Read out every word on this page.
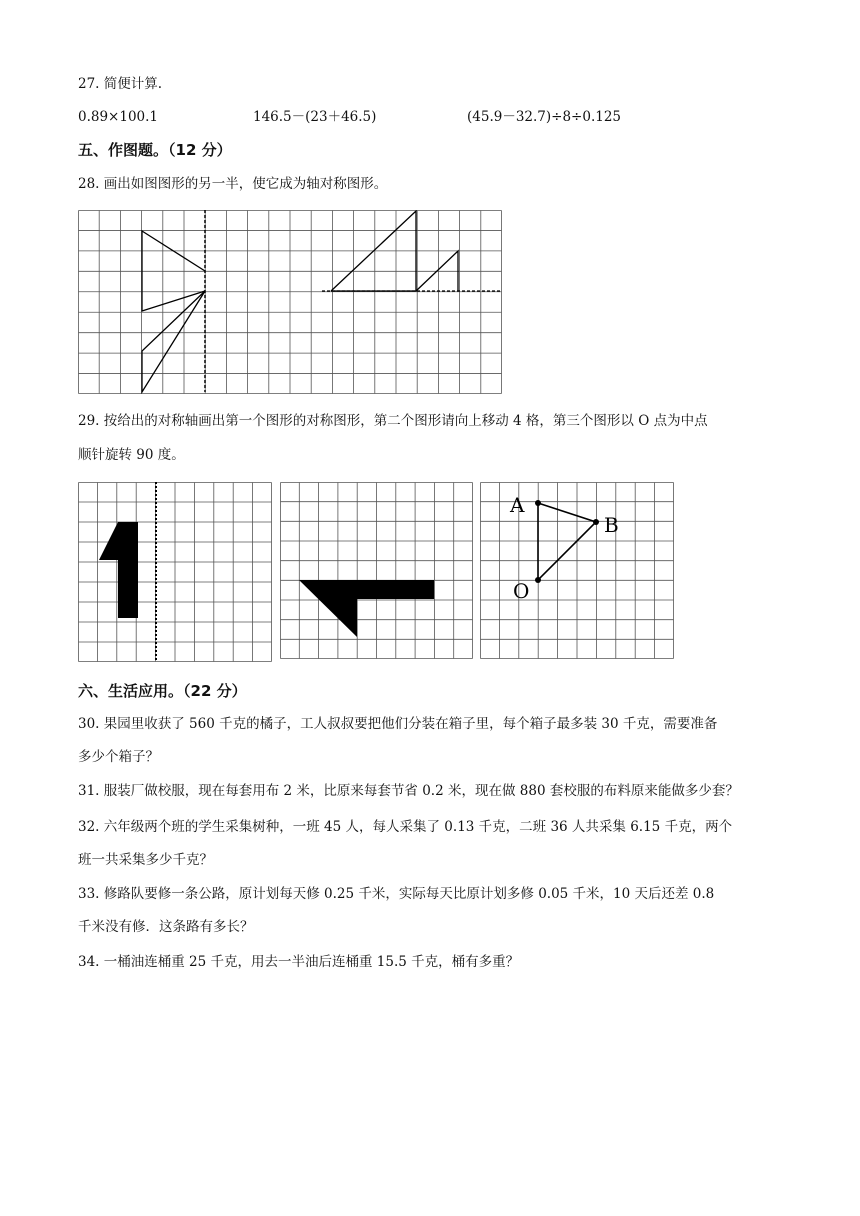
27. 简便计算.
0.89×100.1	146.5－(23＋46.5)	(45.9－32.7)÷8÷0.125
五、作图题。（12 分）
28. 画出如图图形的另一半，使它成为轴对称图形。
29. 按给出的对称轴画出第一个图形的对称图形，第二个图形请向上移动 4 格，第三个图形以 O 点为中点
顺针旋转 90 度。
A
B
O
六、生活应用。（22 分）
30. 果园里收获了 560 千克的橘子，工人叔叔要把他们分装在箱子里，每个箱子最多装 30 千克，需要准备
多少个箱子？
31. 服装厂做校服，现在每套用布 2 米，比原来每套节省 0.2 米，现在做 880 套校服的布料原来能做多少套？
32. 六年级两个班的学生采集树种，一班 45 人，每人采集了 0.13 千克，二班 36 人共采集 6.15 千克，两个
班一共采集多少千克？
33. 修路队要修一条公路，原计划每天修 0.25 千米，实际每天比原计划多修 0.05 千米，10 天后还差 0.8
千米没有修．这条路有多长？
34. 一桶油连桶重 25 千克，用去一半油后连桶重 15.5 千克，桶有多重？
